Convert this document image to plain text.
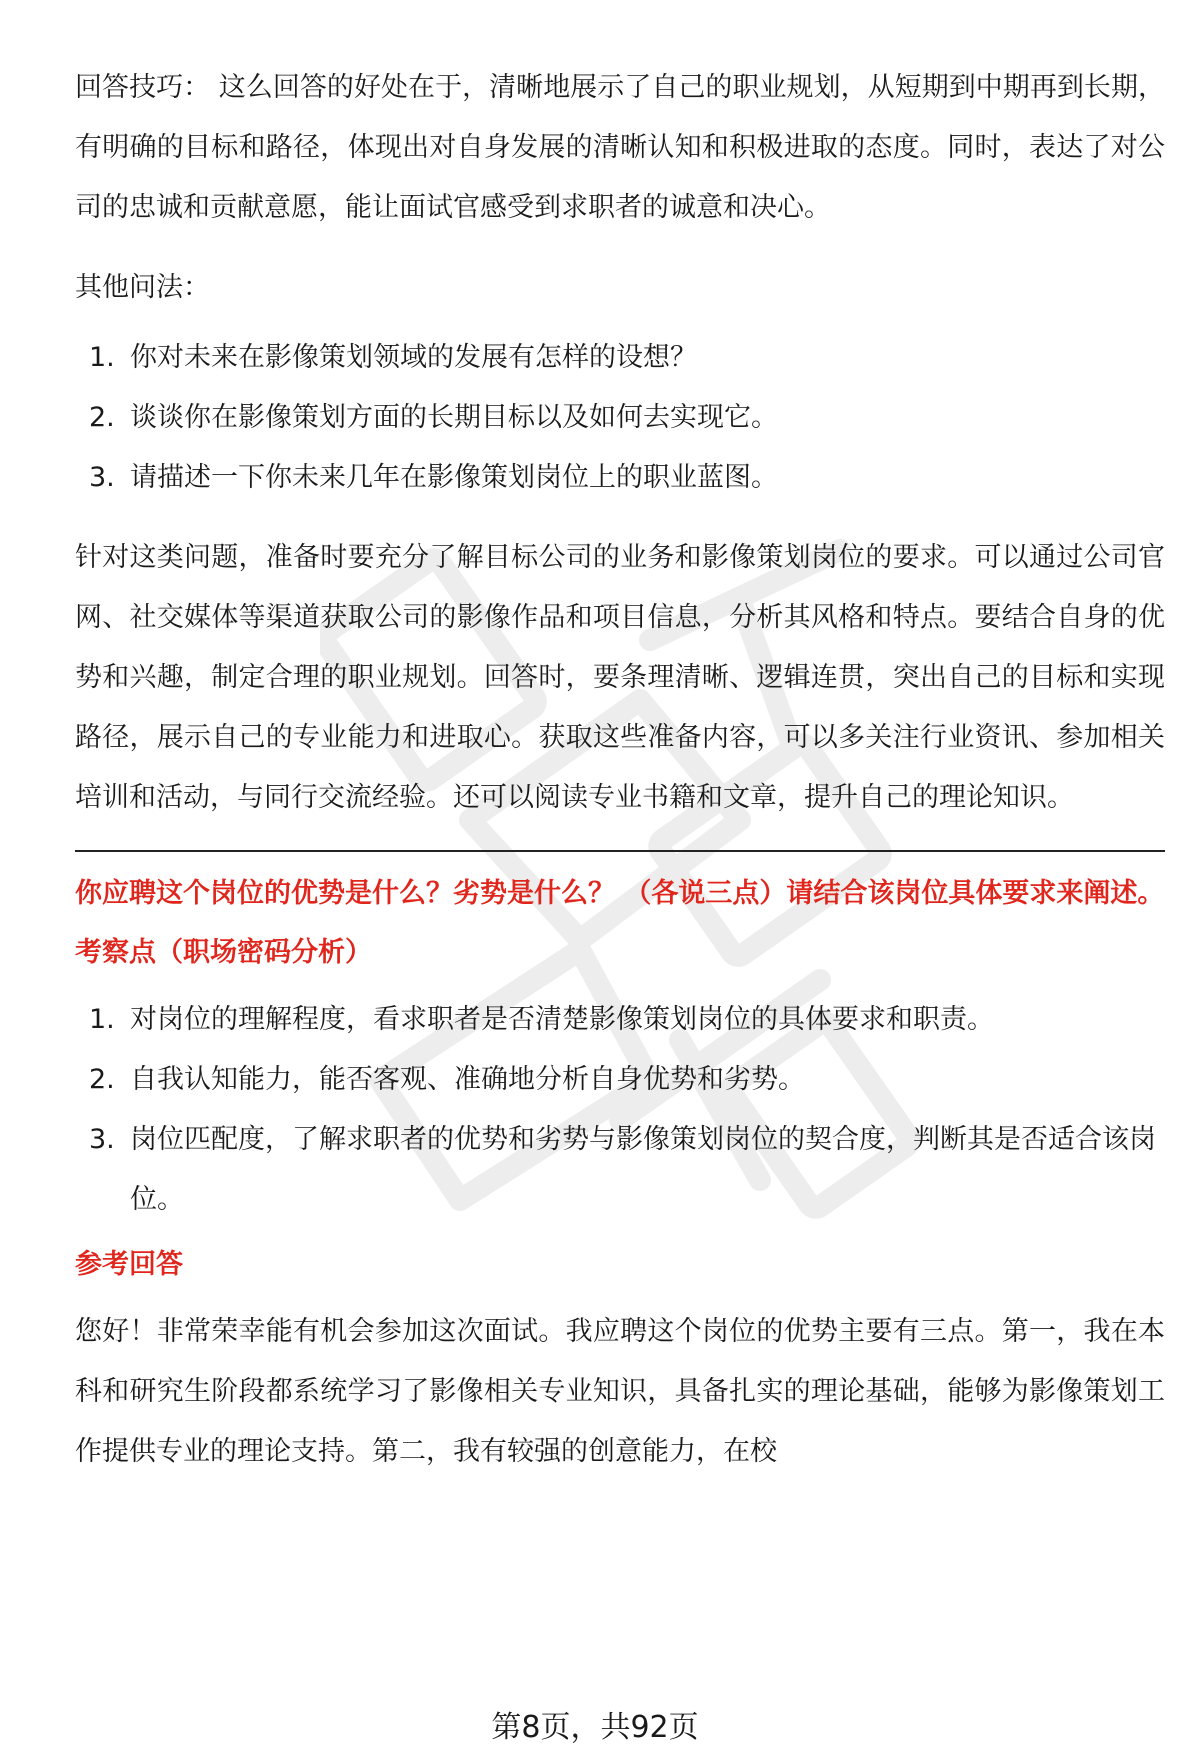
回答技巧： 这么回答的好处在于，清晰地展示了自己的职业规划，从短期到中期再到长期，有明确的目标和路径，体现出对自身发展的清晰认知和积极进取的态度。同时，表达了对公司的忠诚和贡献意愿，能让面试官感受到求职者的诚意和决心。

其他问法：

1. 你对未来在影像策划领域的发展有怎样的设想？
2. 谈谈你在影像策划方面的长期目标以及如何去实现它。
3. 请描述一下你未来几年在影像策划岗位上的职业蓝图。

针对这类问题，准备时要充分了解目标公司的业务和影像策划岗位的要求。可以通过公司官网、社交媒体等渠道获取公司的影像作品和项目信息，分析其风格和特点。要结合自身的优势和兴趣，制定合理的职业规划。回答时，要条理清晰、逻辑连贯，突出自己的目标和实现路径，展示自己的专业能力和进取心。获取这些准备内容，可以多关注行业资讯、参加相关培训和活动，与同行交流经验。还可以阅读专业书籍和文章，提升自己的理论知识。

你应聘这个岗位的优势是什么？劣势是什么？ （各说三点）请结合该岗位具体要求来阐述。
考察点（职场密码分析）
1. 对岗位的理解程度，看求职者是否清楚影像策划岗位的具体要求和职责。
2. 自我认知能力，能否客观、准确地分析自身优势和劣势。
3. 岗位匹配度，了解求职者的优势和劣势与影像策划岗位的契合度，判断其是否适合该岗位。
参考回答

您好！非常荣幸能有机会参加这次面试。我应聘这个岗位的优势主要有三点。第一，我在本科和研究生阶段都系统学习了影像相关专业知识，具备扎实的理论基础，能够为影像策划工作提供专业的理论支持。第二，我有较强的创意能力，在校

第8页，共92页
